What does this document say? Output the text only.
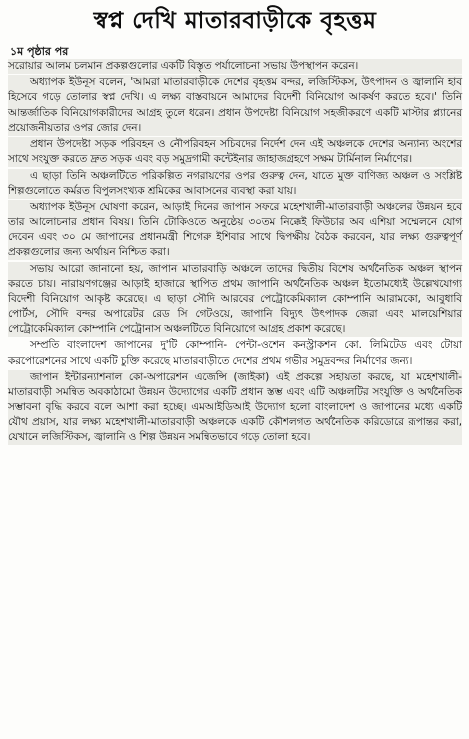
স্বপ্ন দেখি মাতারবাড়ীকে বৃহত্তম

১ম পৃষ্ঠার পর

সরোয়ার আলম চলমান প্রকল্পগুলোর একটি বিস্তৃত পর্যালোচনা সভায় উপস্থাপন করেন।

অধ্যাপক ইউনূস বলেন, 'আমরা মাতারবাড়ীকে দেশের বৃহত্তম বন্দর, লজিস্টিকস, উৎপাদন ও জ্বালানি হাব হিসেবে গড়ে তোলার স্বপ্ন দেখি। এ লক্ষ্য বাস্তবায়নে আমাদের বিদেশী বিনিয়োগ আকর্ষণ করতে হবে।' তিনি আন্তর্জাতিক বিনিয়োগকারীদের আগ্রহ তুলে ধরেন। প্রধান উপদেষ্টা বিনিয়োগ সহজীকরণে একটি মাস্টার প্ল্যানের প্রয়োজনীয়তার ওপর জোর দেন।

প্রধান উপদেষ্টা সড়ক পরিবহন ও নৌপরিবহন সচিবদের নির্দেশ দেন এই অঞ্চলকে দেশের অন্যান্য অংশের সাথে সংযুক্ত করতে দ্রুত সড়ক এবং বড় সমুদ্রগামী কন্টেইনার জাহাজগ্রহণে সক্ষম টার্মিনাল নির্মাণের।

এ ছাড়া তিনি অঞ্চলটিতে পরিকল্পিত নগরায়ণের ওপর গুরুত্ব দেন, যাতে মুক্ত বাণিজ্য অঞ্চল ও সংশ্লিষ্ট শিল্পগুলোতে কর্মরত বিপুলসংখ্যক শ্রমিকের আবাসনের ব্যবস্থা করা যায়।

অধ্যাপক ইউনূস ঘোষণা করেন, আড়াই দিনের জাপান সফরে মহেশখালী-মাতারবাড়ী অঞ্চলের উন্নয়ন হবে তার আলোচনার প্রধান বিষয়। তিনি টোকিওতে অনুষ্ঠেয় ৩০তম নিক্কেই ফিউচার অব এশিয়া সম্মেলনে যোগ দেবেন এবং ৩০ মে জাপানের প্রধানমন্ত্রী শিগেরু ইশিবার সাথে দ্বিপক্ষীয় বৈঠক করবেন, যার লক্ষ্য গুরুত্বপূর্ণ প্রকল্পগুলোর জন্য অর্থায়ন নিশ্চিত করা।

সভায় আরো জানানো হয়, জাপান মাতারবাড়ি অঞ্চলে তাদের দ্বিতীয় বিশেষ অর্থনৈতিক অঞ্চল স্থাপন করতে চায়। নারায়ণগঞ্জের আড়াই হাজারে স্থাপিত প্রথম জাপানি অর্থনৈতিক অঞ্চল ইতোমধ্যেই উল্লেখযোগ্য বিদেশী বিনিয়োগ আকৃষ্ট করেছে। এ ছাড়া সৌদি আরবের পেট্রোকেমিক্যাল কোম্পানি আরামকো, আবুধাবি পোর্টস, সৌদি বন্দর অপারেটর রেড সি গেটওয়ে, জাপানি বিদ্যুৎ উৎপাদক জেরা এবং মালয়েশিয়ার পেট্রোকেমিক্যাল কোম্পানি পেট্রোনাস অঞ্চলটিতে বিনিয়োগে আগ্রহ প্রকাশ করেছে।

সম্প্রতি বাংলাদেশ জাপানের দু'টি কোম্পানি- পেন্টা-ওশেন কনস্ট্রাকশন কো. লিমিটেড এবং টোয়া করপোরেশনের সাথে একটি চুক্তি করেছে মাতারবাড়ীতে দেশের প্রথম গভীর সমুদ্রবন্দর নির্মাণের জন্য।

জাপান ইন্টারন্যাশনাল কো-অপারেশন এজেন্সি (জাইকা) এই প্রকল্পে সহায়তা করছে, যা মহেশখালী-মাতারবাড়ী সমন্বিত অবকাঠামো উন্নয়ন উদ্যোগের একটি প্রধান স্তম্ভ এবং এটি অঞ্চলটির সংযুক্তি ও অর্থনৈতিক সম্ভাবনা বৃদ্ধি করবে বলে আশা করা হচ্ছে। এমআইডিআই উদ্যোগ হলো বাংলাদেশ ও জাপানের মধ্যে একটি যৌথ প্রয়াস, যার লক্ষ্য মহেশখালী-মাতারবাড়ী অঞ্চলকে একটি কৌশলগত অর্থনৈতিক করিডোরে রূপান্তর করা, যেখানে লজিস্টিকস, জ্বালানি ও শিল্প উন্নয়ন সমন্বিতভাবে গড়ে তোলা হবে।
